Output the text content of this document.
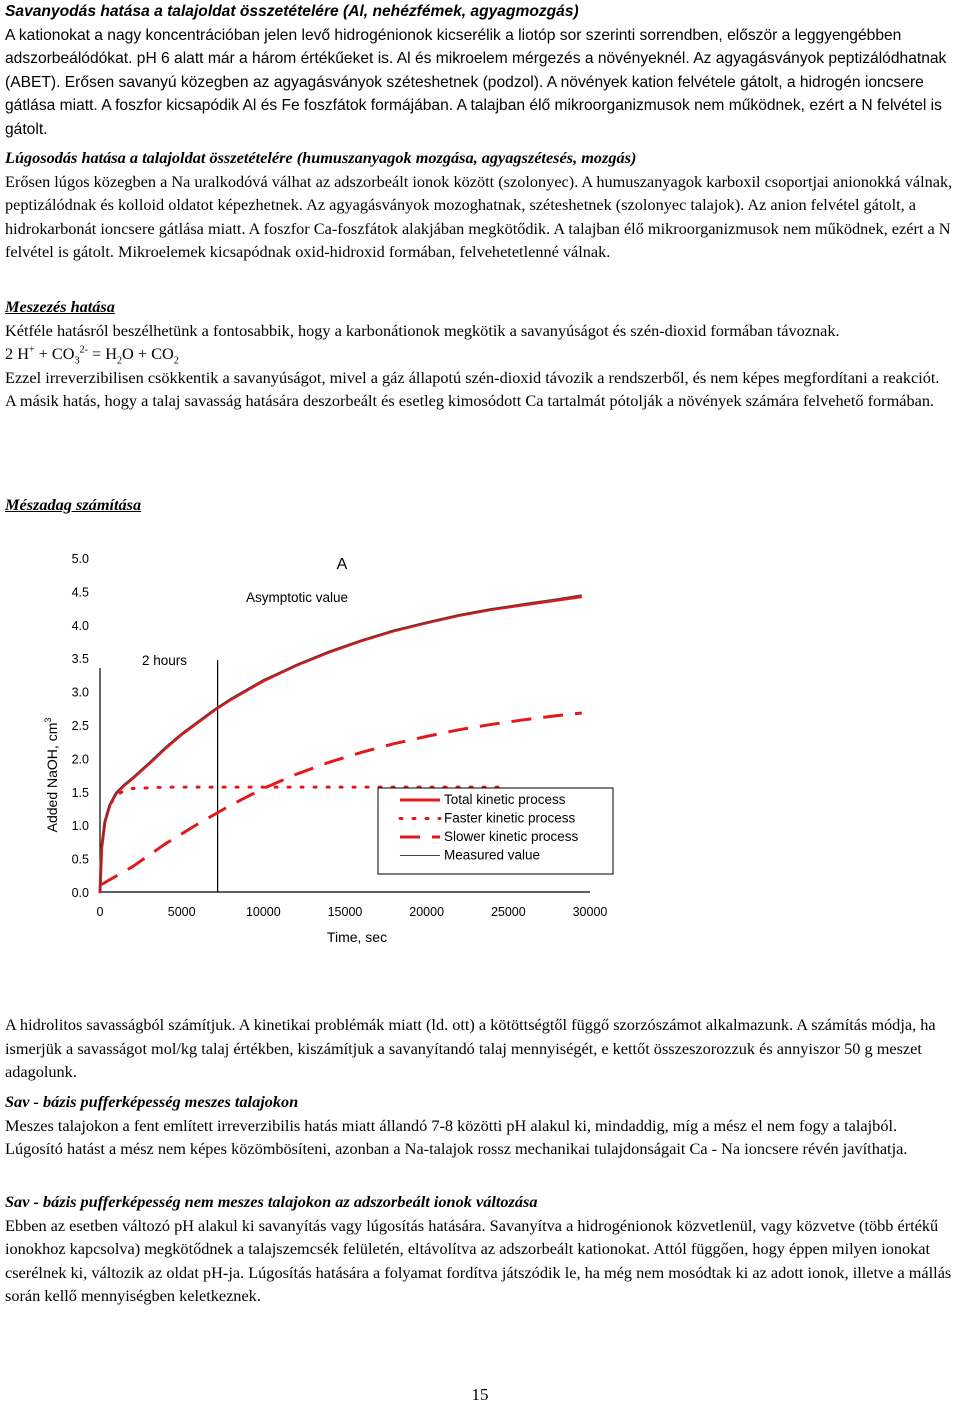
Savanyodás hatása a talajoldat összetételére (Al, nehézfémek, agyagmozgás)

A kationokat a nagy koncentrációban jelen levő hidrogénionok kicserélik a liotóp sor szerinti sorrendben, először a leggyengébben adszorbeálódókat. pH 6 alatt már a három értékűeket is. Al és mikroelem mérgezés a növényeknél. Az agyagásványok peptizálódhatnak (ABET). Erősen savanyú közegben az agyagásványok széteshetnek (podzol). A növények kation felvétele gátolt, a hidrogén ioncsere gátlása miatt. A foszfor kicsapódik Al és Fe foszfátok formájában. A talajban élő mikroorganizmusok nem működnek, ezért a N felvétel is gátolt.

Lúgosodás hatása a talajoldat összetételére (humuszanyagok mozgása, agyagszétesés, mozgás)

Erősen lúgos közegben a Na uralkodóvá válhat az adszorbeált ionok között (szolonyec). A humuszanyagok karboxil csoportjai anionokká válnak, peptizálódnak és kolloid oldatot képezhetnek. Az agyagásványok mozoghatnak, széteshetnek (szolonyec talajok). Az anion felvétel gátolt, a hidrokarbonát ioncsere gátlása miatt. A foszfor Ca-foszfátok alakjában megkötődik. A talajban élő mikroorganizmusok nem működnek, ezért a N felvétel is gátolt. Mikroelemek kicsapódnak oxid-hidroxid formában, felvehetetlenné válnak.

Meszezés hatása

Kétféle hatásról beszélhetünk a fontosabbik, hogy a karbonátionok megkötik a savanyúságot és szén-dioxid formában távoznak.

2 $H^+ + CO_3^{2-} = H_2O + CO_2$

Ezzel irreverzibilisen csökkentik a savanyúságot, mivel a gáz állapotú szén-dioxid távozik a rendszerből, és nem képes megfordítani a reakciót.

A másik hatás, hogy a talaj savasság hatására deszorbeált és esetleg kimosódott Ca tartalmát pótolják a növények számára felvehető formában.

Mészadag számítása

0.0
0.5
1.0
1.5
2.0
2.5
3.0
3.5
4.0
4.5
5.0
0	5000	10000	15000	20000	25000	30000
Time, sec
Added NaOH, $cm^3$
A
Asymptotic value
2 hours
Total kinetic process
Faster kinetic process
Slower kinetic process
Measured value

A hidrolitos savasságból számítjuk. A kinetikai problémák miatt (ld. ott) a kötöttségtől függő szorzószámot alkalmazunk. A számítás módja, ha ismerjük a savasságot mol/kg talaj értékben, kiszámítjuk a savanyítandó talaj mennyiségét, e kettőt összeszorozzuk és annyiszor 50 g meszet adagolunk.

Sav - bázis pufferképesség meszes talajokon

Meszes talajokon a fent említett irreverzibilis hatás miatt állandó 7-8 közötti pH alakul ki, mindaddig, míg a mész el nem fogy a talajból. Lúgosító hatást a mész nem képes közömbösíteni, azonban a Na-talajok rossz mechanikai tulajdonságait Ca - Na ioncsere révén javíthatja.

Sav - bázis pufferképesség nem meszes talajokon az adszorbeált ionok változása

Ebben az esetben változó pH alakul ki savanyítás vagy lúgosítás hatására. Savanyítva a hidrogénionok közvetlenül, vagy közvetve (több értékű ionokhoz kapcsolva) megkötődnek a talajszemcsék felületén, eltávolítva az adszorbeált kationokat. Attól függően, hogy éppen milyen ionokat cserélnek ki, változik az oldat pH-ja. Lúgosítás hatására a folyamat fordítva játszódik le, ha még nem mosódtak ki az adott ionok, illetve a mállás során kellő mennyiségben keletkeznek.

15
